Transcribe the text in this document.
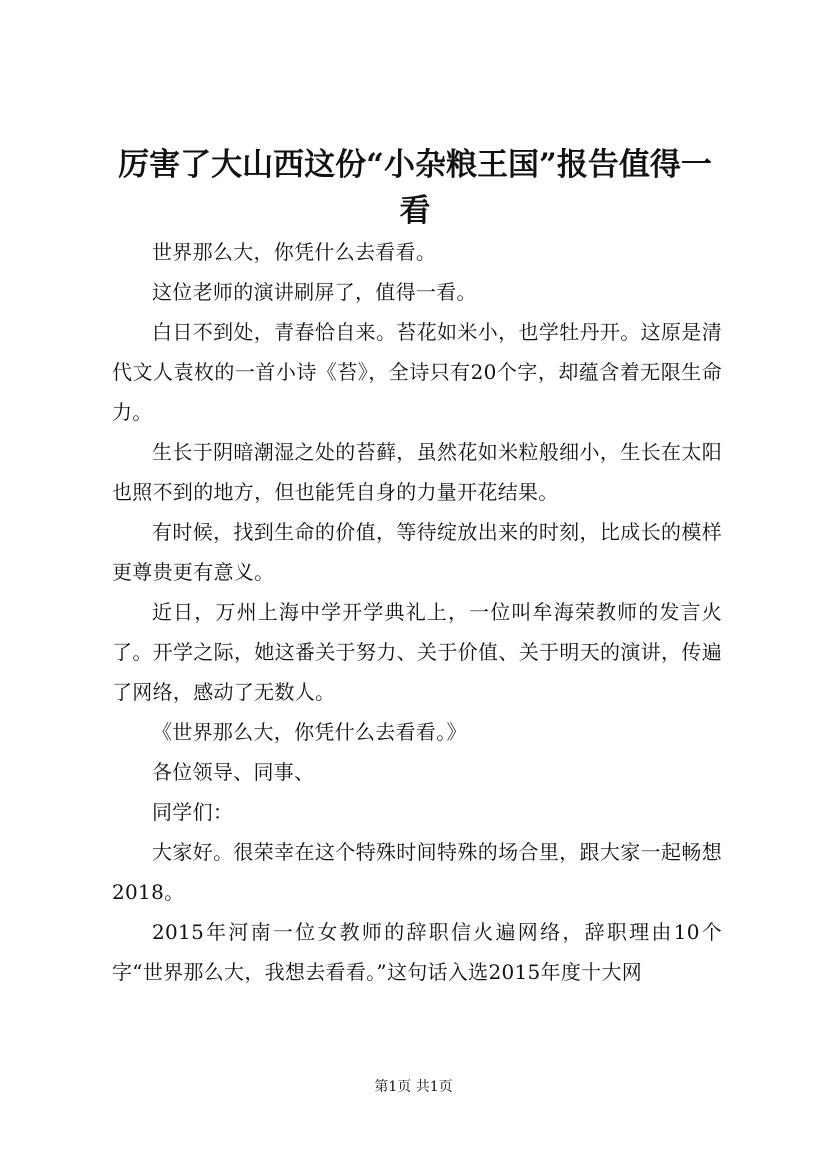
厉害了大山西这份“小杂粮王国”报告值得一看

世界那么大，你凭什么去看看。

这位老师的演讲刷屏了，值得一看。

白日不到处，青春恰自来。苔花如米小，也学牡丹开。这原是清代文人袁枚的一首小诗《苔》，全诗只有20个字，却蕴含着无限生命力。

生长于阴暗潮湿之处的苔藓，虽然花如米粒般细小，生长在太阳也照不到的地方，但也能凭自身的力量开花结果。

有时候，找到生命的价值，等待绽放出来的时刻，比成长的模样更尊贵更有意义。

近日，万州上海中学开学典礼上，一位叫牟海荣教师的发言火了。开学之际，她这番关于努力、关于价值、关于明天的演讲，传遍了网络，感动了无数人。

《世界那么大，你凭什么去看看。》

各位领导、同事、

同学们：

大家好。很荣幸在这个特殊时间特殊的场合里，跟大家一起畅想2018。

2015年河南一位女教师的辞职信火遍网络，辞职理由10个字“世界那么大，我想去看看。”这句话入选2015年度十大网

第1页 共1页
